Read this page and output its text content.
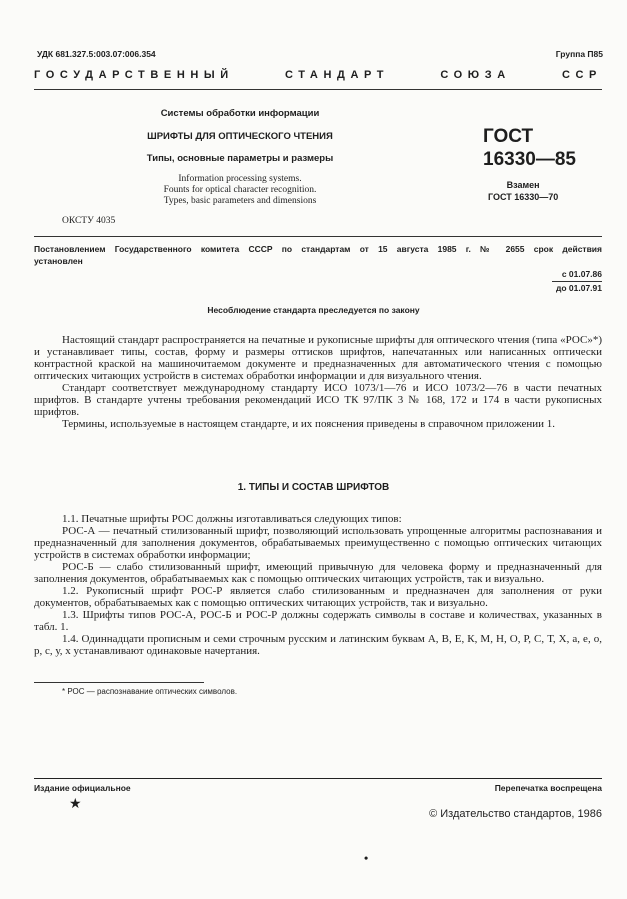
УДК 681.327.5:003.07:006.354	Группа П85
ГОСУДАРСТВЕННЫЙ	СТАНДАРТ	СОЮЗА	ССР
Системы обработки информации
ШРИФТЫ ДЛЯ ОПТИЧЕСКОГО ЧТЕНИЯ
Типы, основные параметры и размеры
Information processing systems.
Founts for optical character recognition.
Types, basic parameters and dimensions
ГОСТ
16330—85
Взамен
ГОСТ 16330—70
ОКСТУ 4035
Постановлением Государственного комитета СССР по стандартам от 15 августа 1985 г. № 2655 срок действия
установлен
с 01.07.86
до 01.07.91
Несоблюдение стандарта преследуется по закону

Настоящий стандарт распространяется на печатные и рукописные шрифты для оптического чтения (типа «РОС»*) и устанавливает типы, состав, форму и размеры оттисков шрифтов, напечатанных или написанных оптически контрастной краской на машиночитаемом документе и предназначенных для автоматического чтения с помощью оптических читающих устройств в системах обработки информации и для визуального чтения.

Стандарт соответствует международному стандарту ИСО 1073/1—76 и ИСО 1073/2—76 в части печатных шрифтов. В стандарте учтены требования рекомендаций ИСО ТК 97/ПК 3 № 168, 172 и 174 в части рукописных шрифтов.

Термины, используемые в настоящем стандарте, и их пояснения приведены в справочном приложении 1.

1. ТИПЫ И СОСТАВ ШРИФТОВ

1.1. Печатные шрифты РОС должны изготавливаться следующих типов:

РОС-А — печатный стилизованный шрифт, позволяющий использовать упрощенные алгоритмы распознавания и предназначенный для заполнения документов, обрабатываемых преимущественно с помощью оптических читающих устройств в системах обработки информации;

РОС-Б — слабо стилизованный шрифт, имеющий привычную для человека форму и предназначенный для заполнения документов, обрабатываемых как с помощью оптических читающих устройств, так и визуально.

1.2. Рукописный шрифт РОС-Р является слабо стилизованным и предназначен для заполнения от руки документов, обрабатываемых как с помощью оптических читающих устройств, так и визуально.

1.3. Шрифты типов РОС-А, РОС-Б и РОС-Р должны содержать символы в составе и количествах, указанных в табл. 1.

1.4. Одиннадцати прописным и семи строчным русским и латинским буквам А, В, Е, К, М, Н, О, Р, С, Т, Х, а, е, о, р, с, у, х устанавливают одинаковые начертания.

* РОС — распознавание оптических символов.
Издание официальное
★
Перепечатка воспрещена
© Издательство стандартов, 1986
•
